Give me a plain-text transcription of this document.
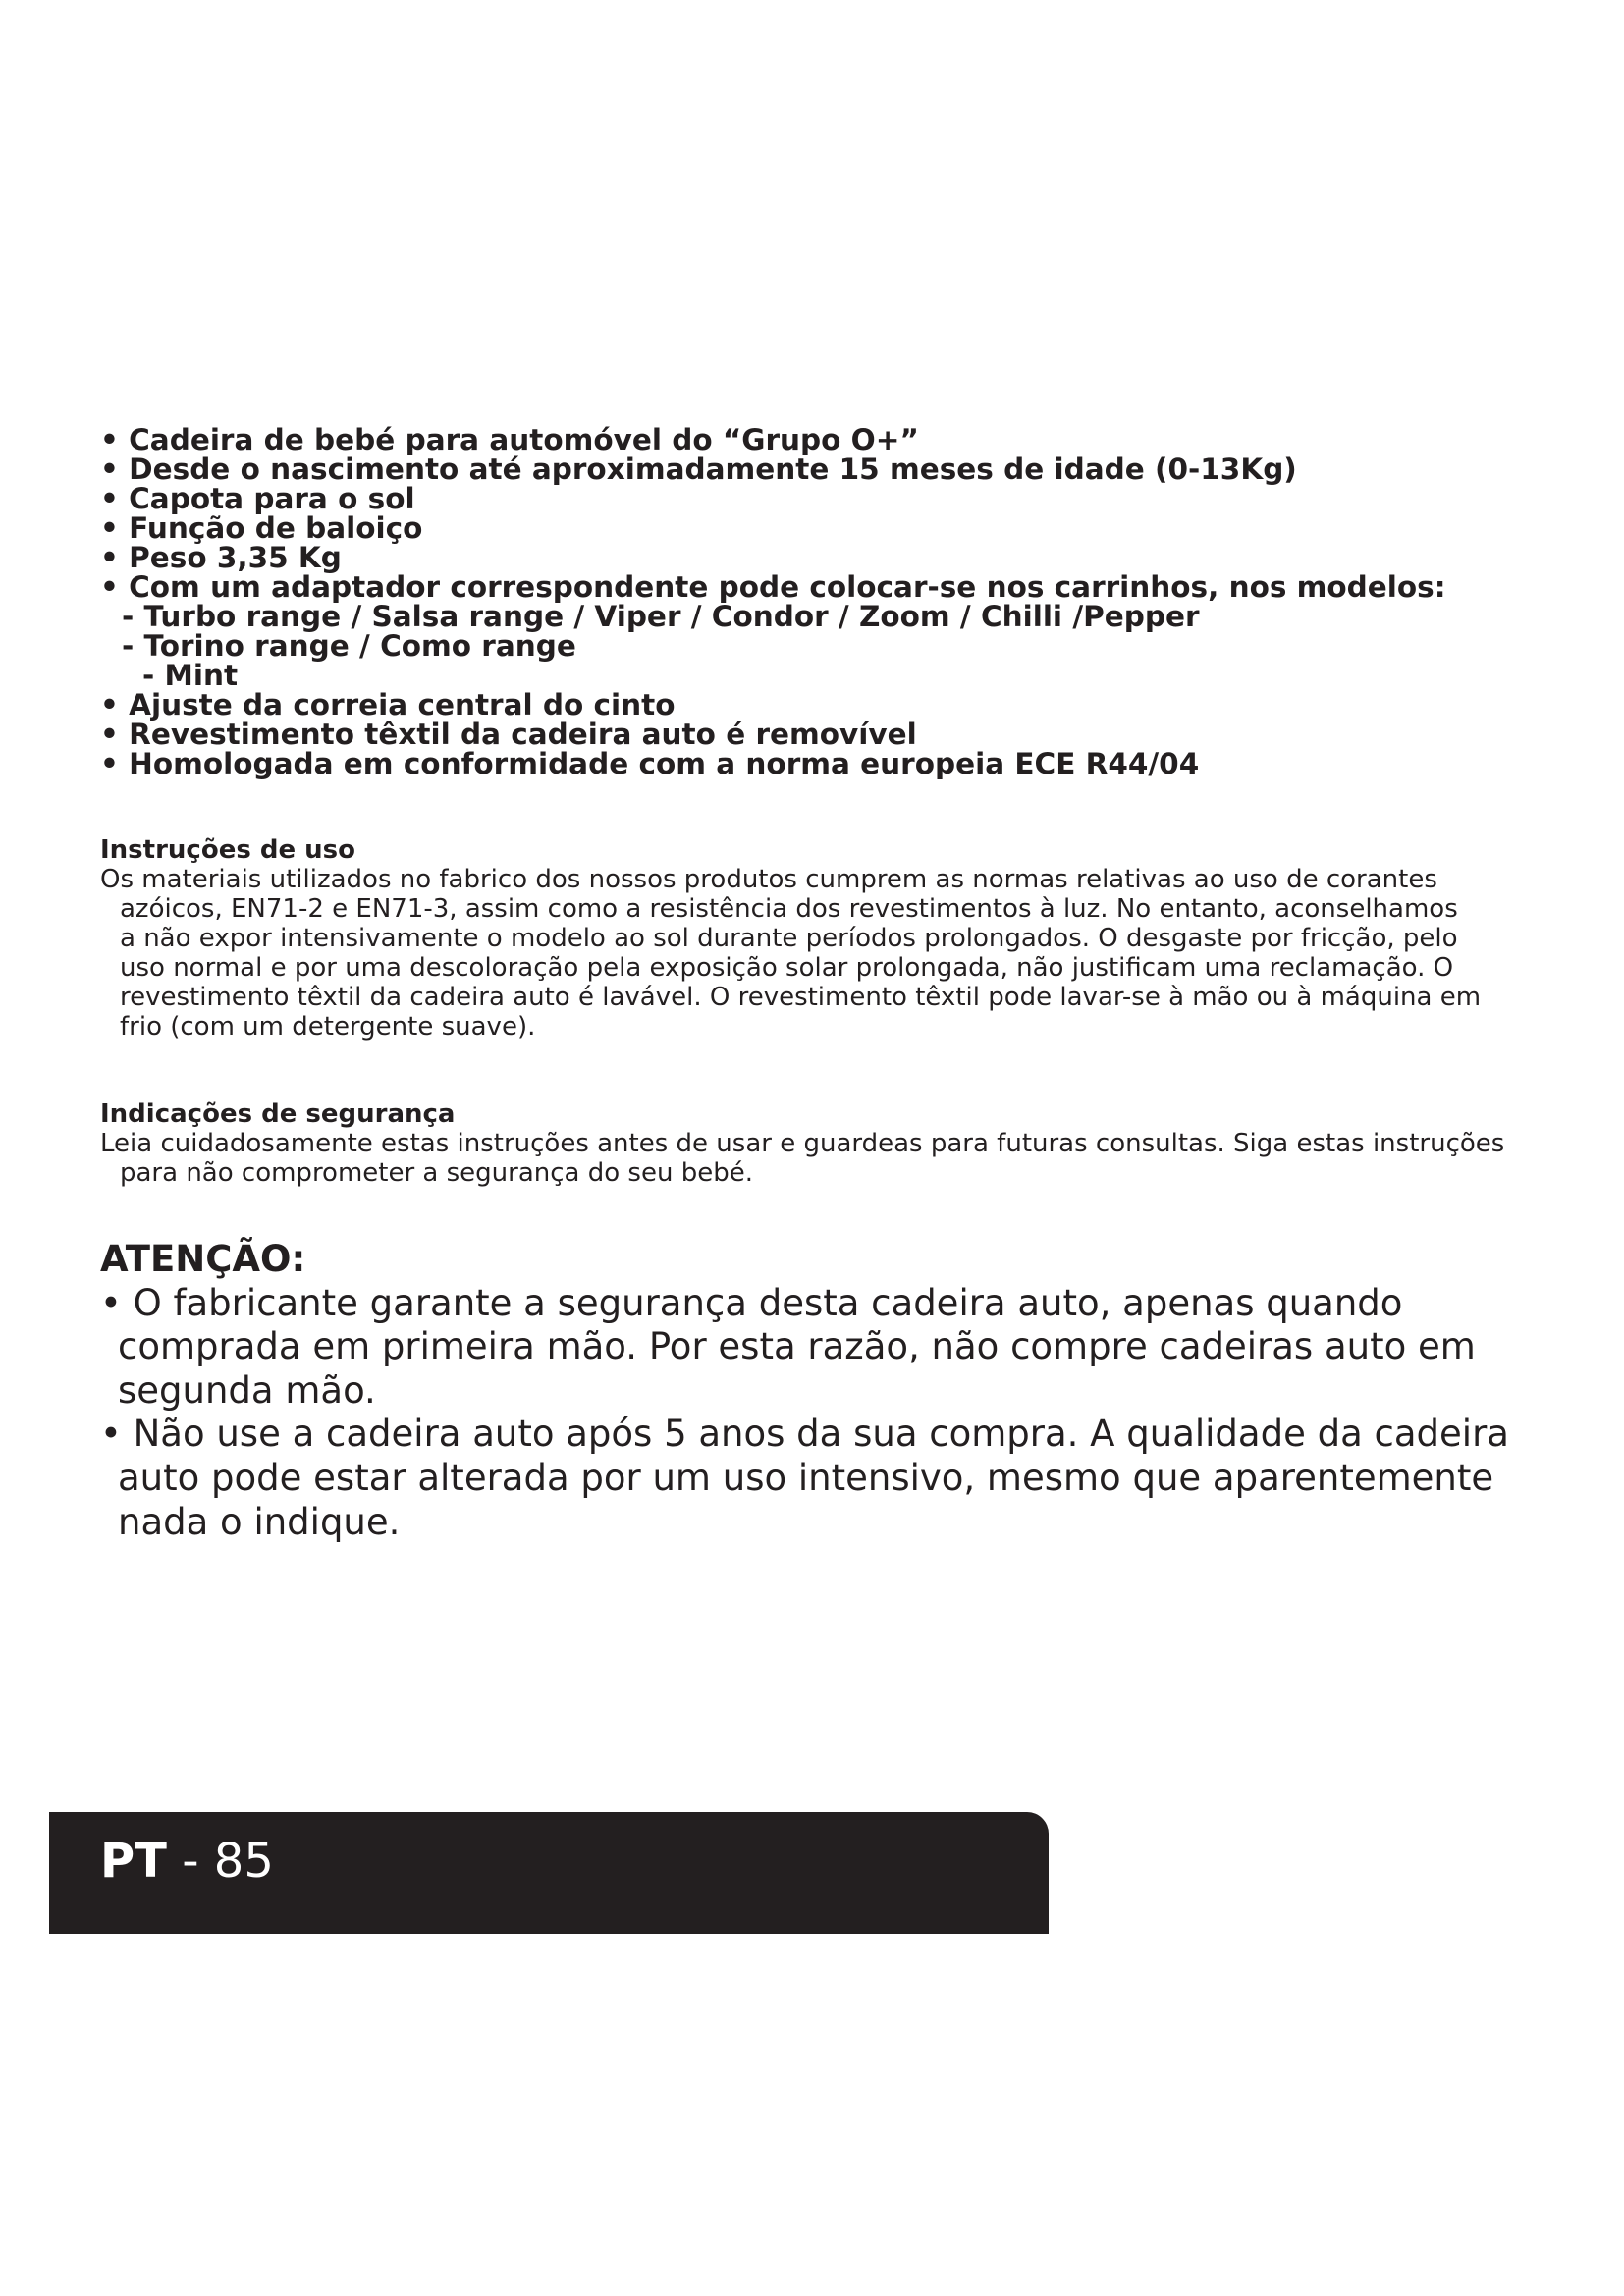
• Cadeira de bebé para automóvel do “Grupo O+”
• Desde o nascimento até aproximadamente 15 meses de idade (0-13Kg)
• Capota para o sol
• Função de baloiço
• Peso 3,35 Kg
• Com um adaptador correspondente pode colocar-se nos carrinhos, nos modelos:
- Turbo range / Salsa range / Viper / Condor / Zoom / Chilli /Pepper
- Torino range / Como range
- Mint
• Ajuste da correia central do cinto
• Revestimento têxtil da cadeira auto é removível
• Homologada em conformidade com a norma europeia ECE R44/04
Instruções de uso
Os materiais utilizados no fabrico dos nossos produtos cumprem as normas relativas ao uso de corantes
azóicos, EN71-2 e EN71-3, assim como a resistência dos revestimentos à luz. No entanto, aconselhamos
a não expor intensivamente o modelo ao sol durante períodos prolongados. O desgaste por fricção, pelo
uso normal e por uma descoloração pela exposição solar prolongada, não justificam uma reclamação. O
revestimento têxtil da cadeira auto é lavável. O revestimento têxtil pode lavar-se à mão ou à máquina em
frio (com um detergente suave).
Indicações de segurança
Leia cuidadosamente estas instruções antes de usar e guardeas para futuras consultas. Siga estas instruções
para não comprometer a segurança do seu bebé.
ATENÇÃO:
• O fabricante garante a segurança desta cadeira auto, apenas quando
comprada em primeira mão. Por esta razão, não compre cadeiras auto em
segunda mão.
• Não use a cadeira auto após 5 anos da sua compra. A qualidade da cadeira
auto pode estar alterada por um uso intensivo, mesmo que aparentemente
nada o indique.
PT - 85
